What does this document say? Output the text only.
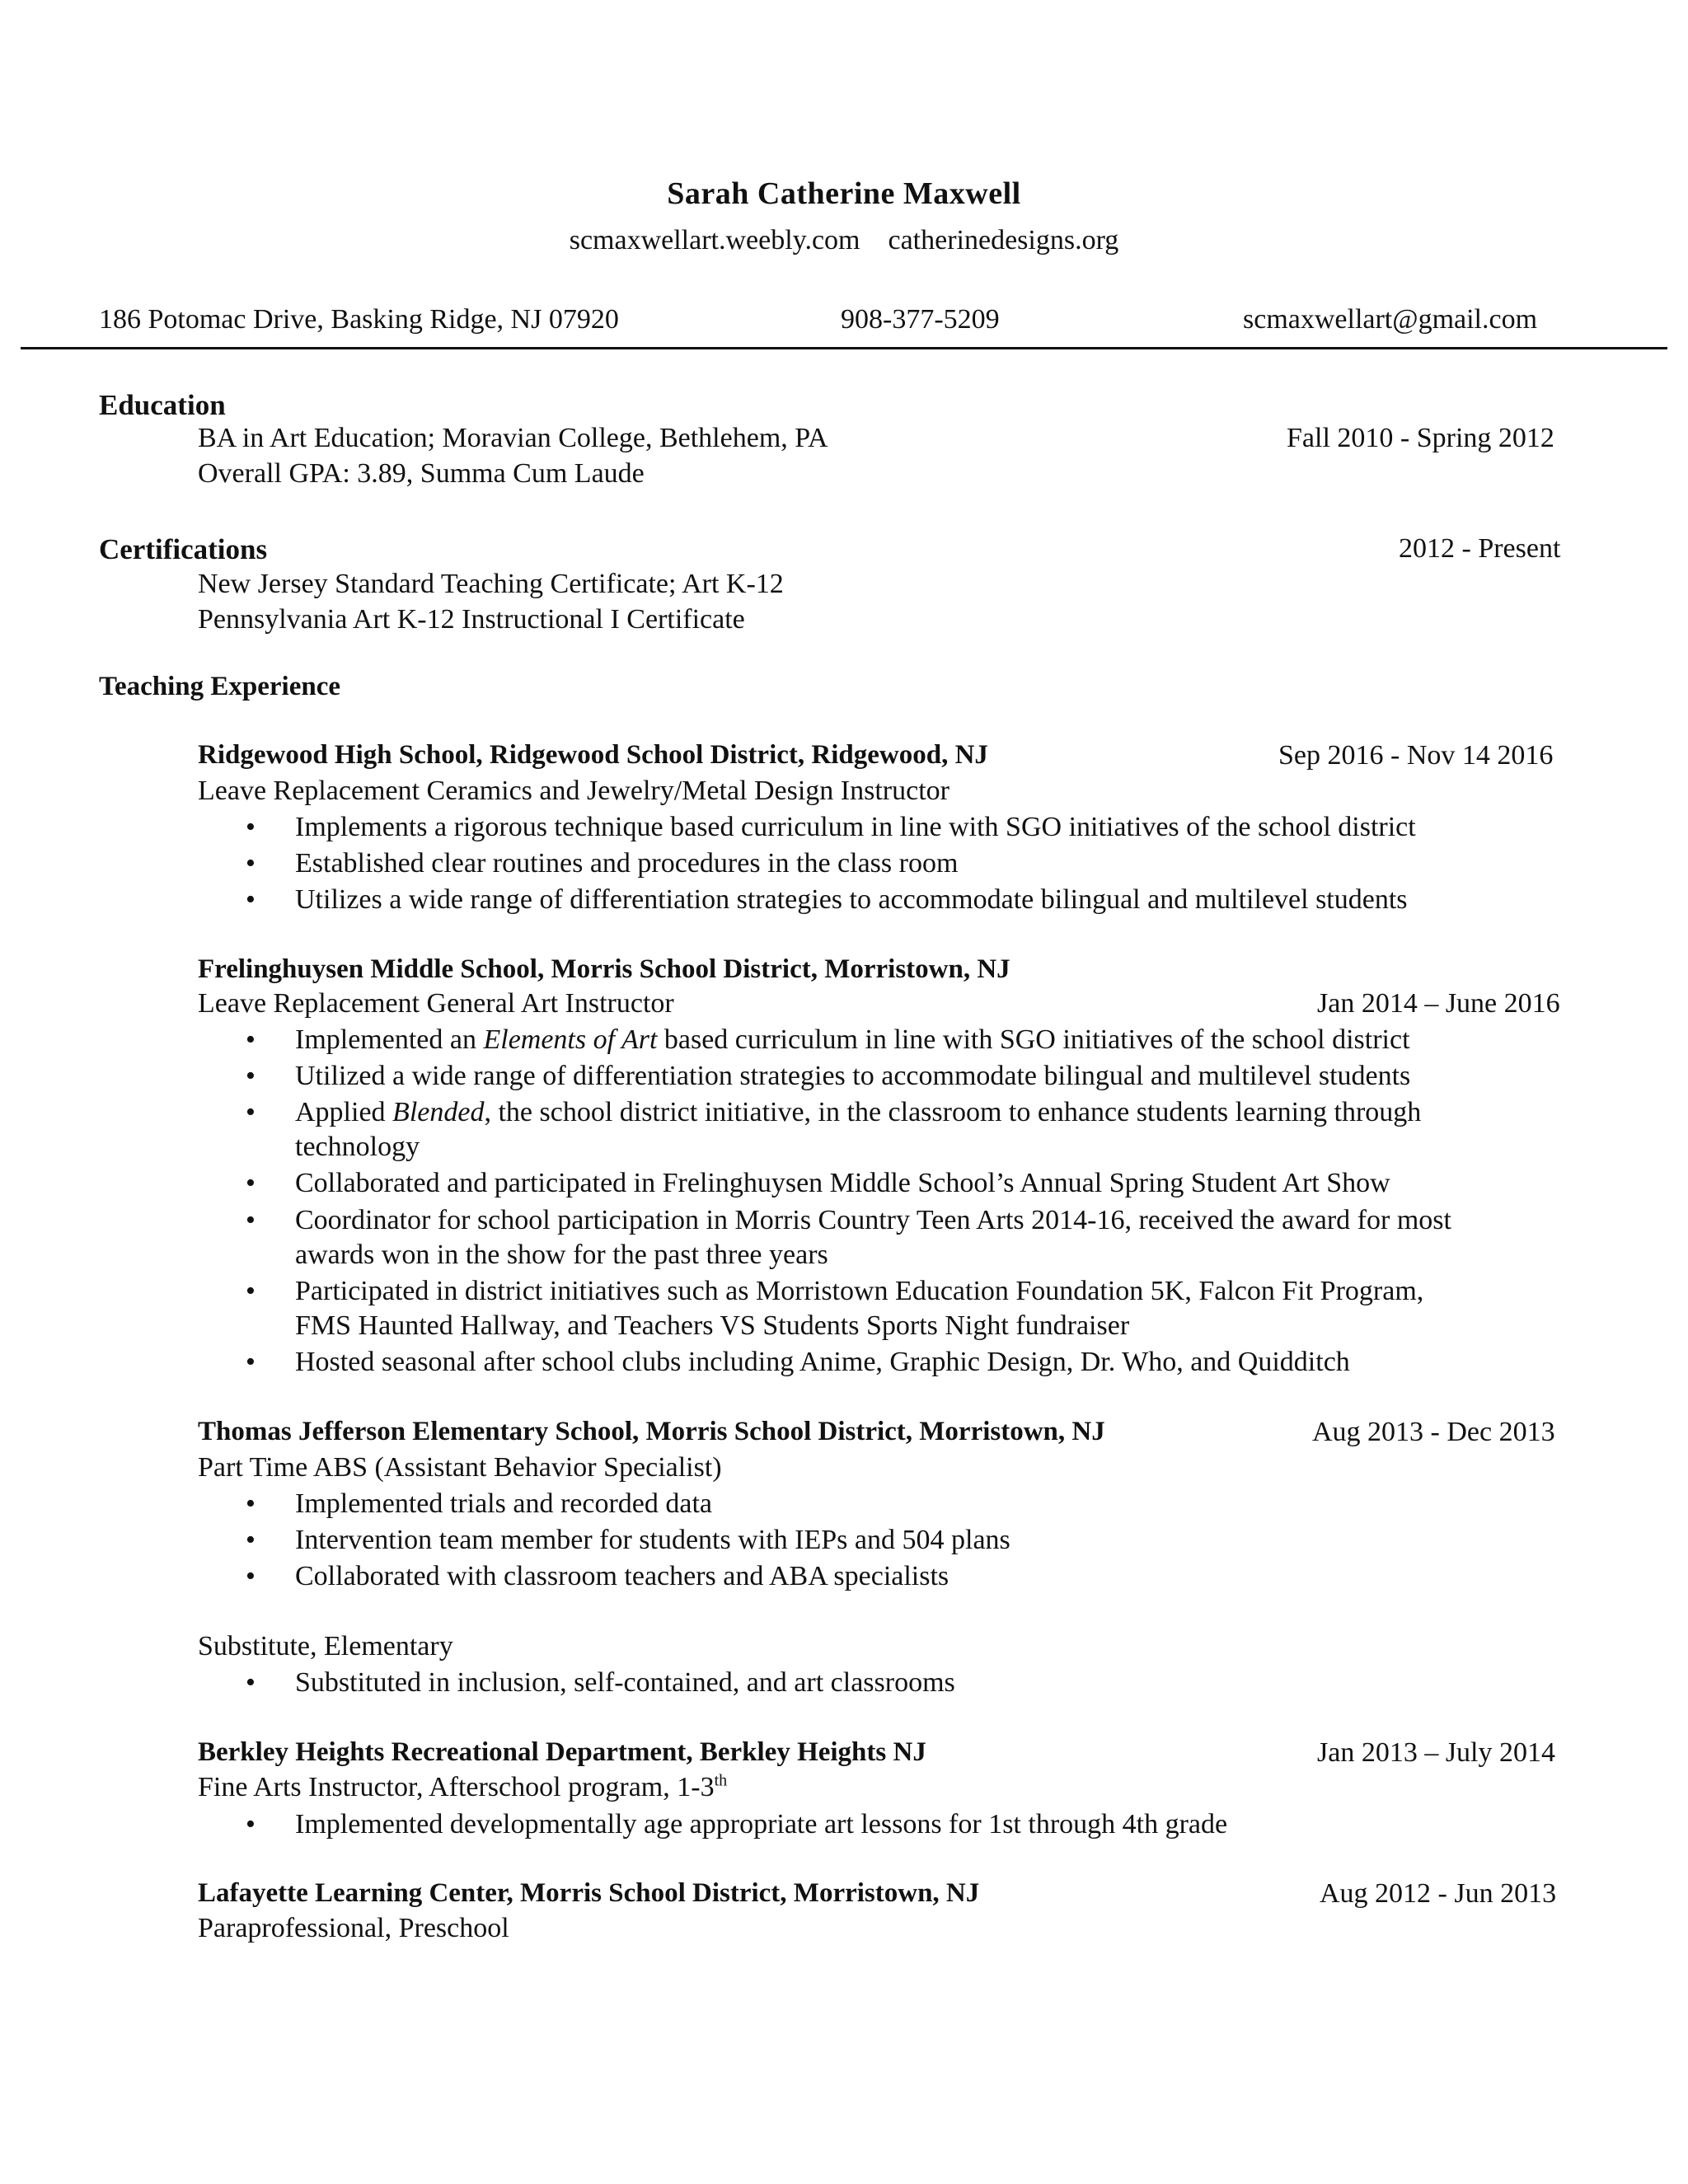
Sarah Catherine Maxwell
scmaxwellart.weebly.com    catherinedesigns.org
186 Potomac Drive, Basking Ridge, NJ 07920	908-377-5209	scmaxwellart@gmail.com
Education
BA in Art Education; Moravian College, Bethlehem, PA	Fall 2010 - Spring 2012
Overall GPA: 3.89, Summa Cum Laude
Certifications	2012 - Present
New Jersey Standard Teaching Certificate; Art K-12
Pennsylvania Art K-12 Instructional I Certificate
Teaching Experience
Ridgewood High School, Ridgewood School District, Ridgewood, NJ	Sep 2016 - Nov 14 2016
Leave Replacement Ceramics and Jewelry/Metal Design Instructor
• Implements a rigorous technique based curriculum in line with SGO initiatives of the school district
• Established clear routines and procedures in the class room
• Utilizes a wide range of differentiation strategies to accommodate bilingual and multilevel students
Frelinghuysen Middle School, Morris School District, Morristown, NJ
Leave Replacement General Art Instructor	Jan 2014 – June 2016
• Implemented an Elements of Art based curriculum in line with SGO initiatives of the school district
• Utilized a wide range of differentiation strategies to accommodate bilingual and multilevel students
• Applied Blended, the school district initiative, in the classroom to enhance students learning through
technology
• Collaborated and participated in Frelinghuysen Middle School’s Annual Spring Student Art Show
• Coordinator for school participation in Morris Country Teen Arts 2014-16, received the award for most
awards won in the show for the past three years
• Participated in district initiatives such as Morristown Education Foundation 5K, Falcon Fit Program,
FMS Haunted Hallway, and Teachers VS Students Sports Night fundraiser
• Hosted seasonal after school clubs including Anime, Graphic Design, Dr. Who, and Quidditch
Thomas Jefferson Elementary School, Morris School District, Morristown, NJ	Aug 2013 - Dec 2013
Part Time ABS (Assistant Behavior Specialist)
• Implemented trials and recorded data
• Intervention team member for students with IEPs and 504 plans
• Collaborated with classroom teachers and ABA specialists
Substitute, Elementary
• Substituted in inclusion, self-contained, and art classrooms
Berkley Heights Recreational Department, Berkley Heights NJ	Jan 2013 – July 2014
Fine Arts Instructor, Afterschool program, 1-3th
• Implemented developmentally age appropriate art lessons for 1st through 4th grade
Lafayette Learning Center, Morris School District, Morristown, NJ	Aug 2012 - Jun 2013
Paraprofessional, Preschool
